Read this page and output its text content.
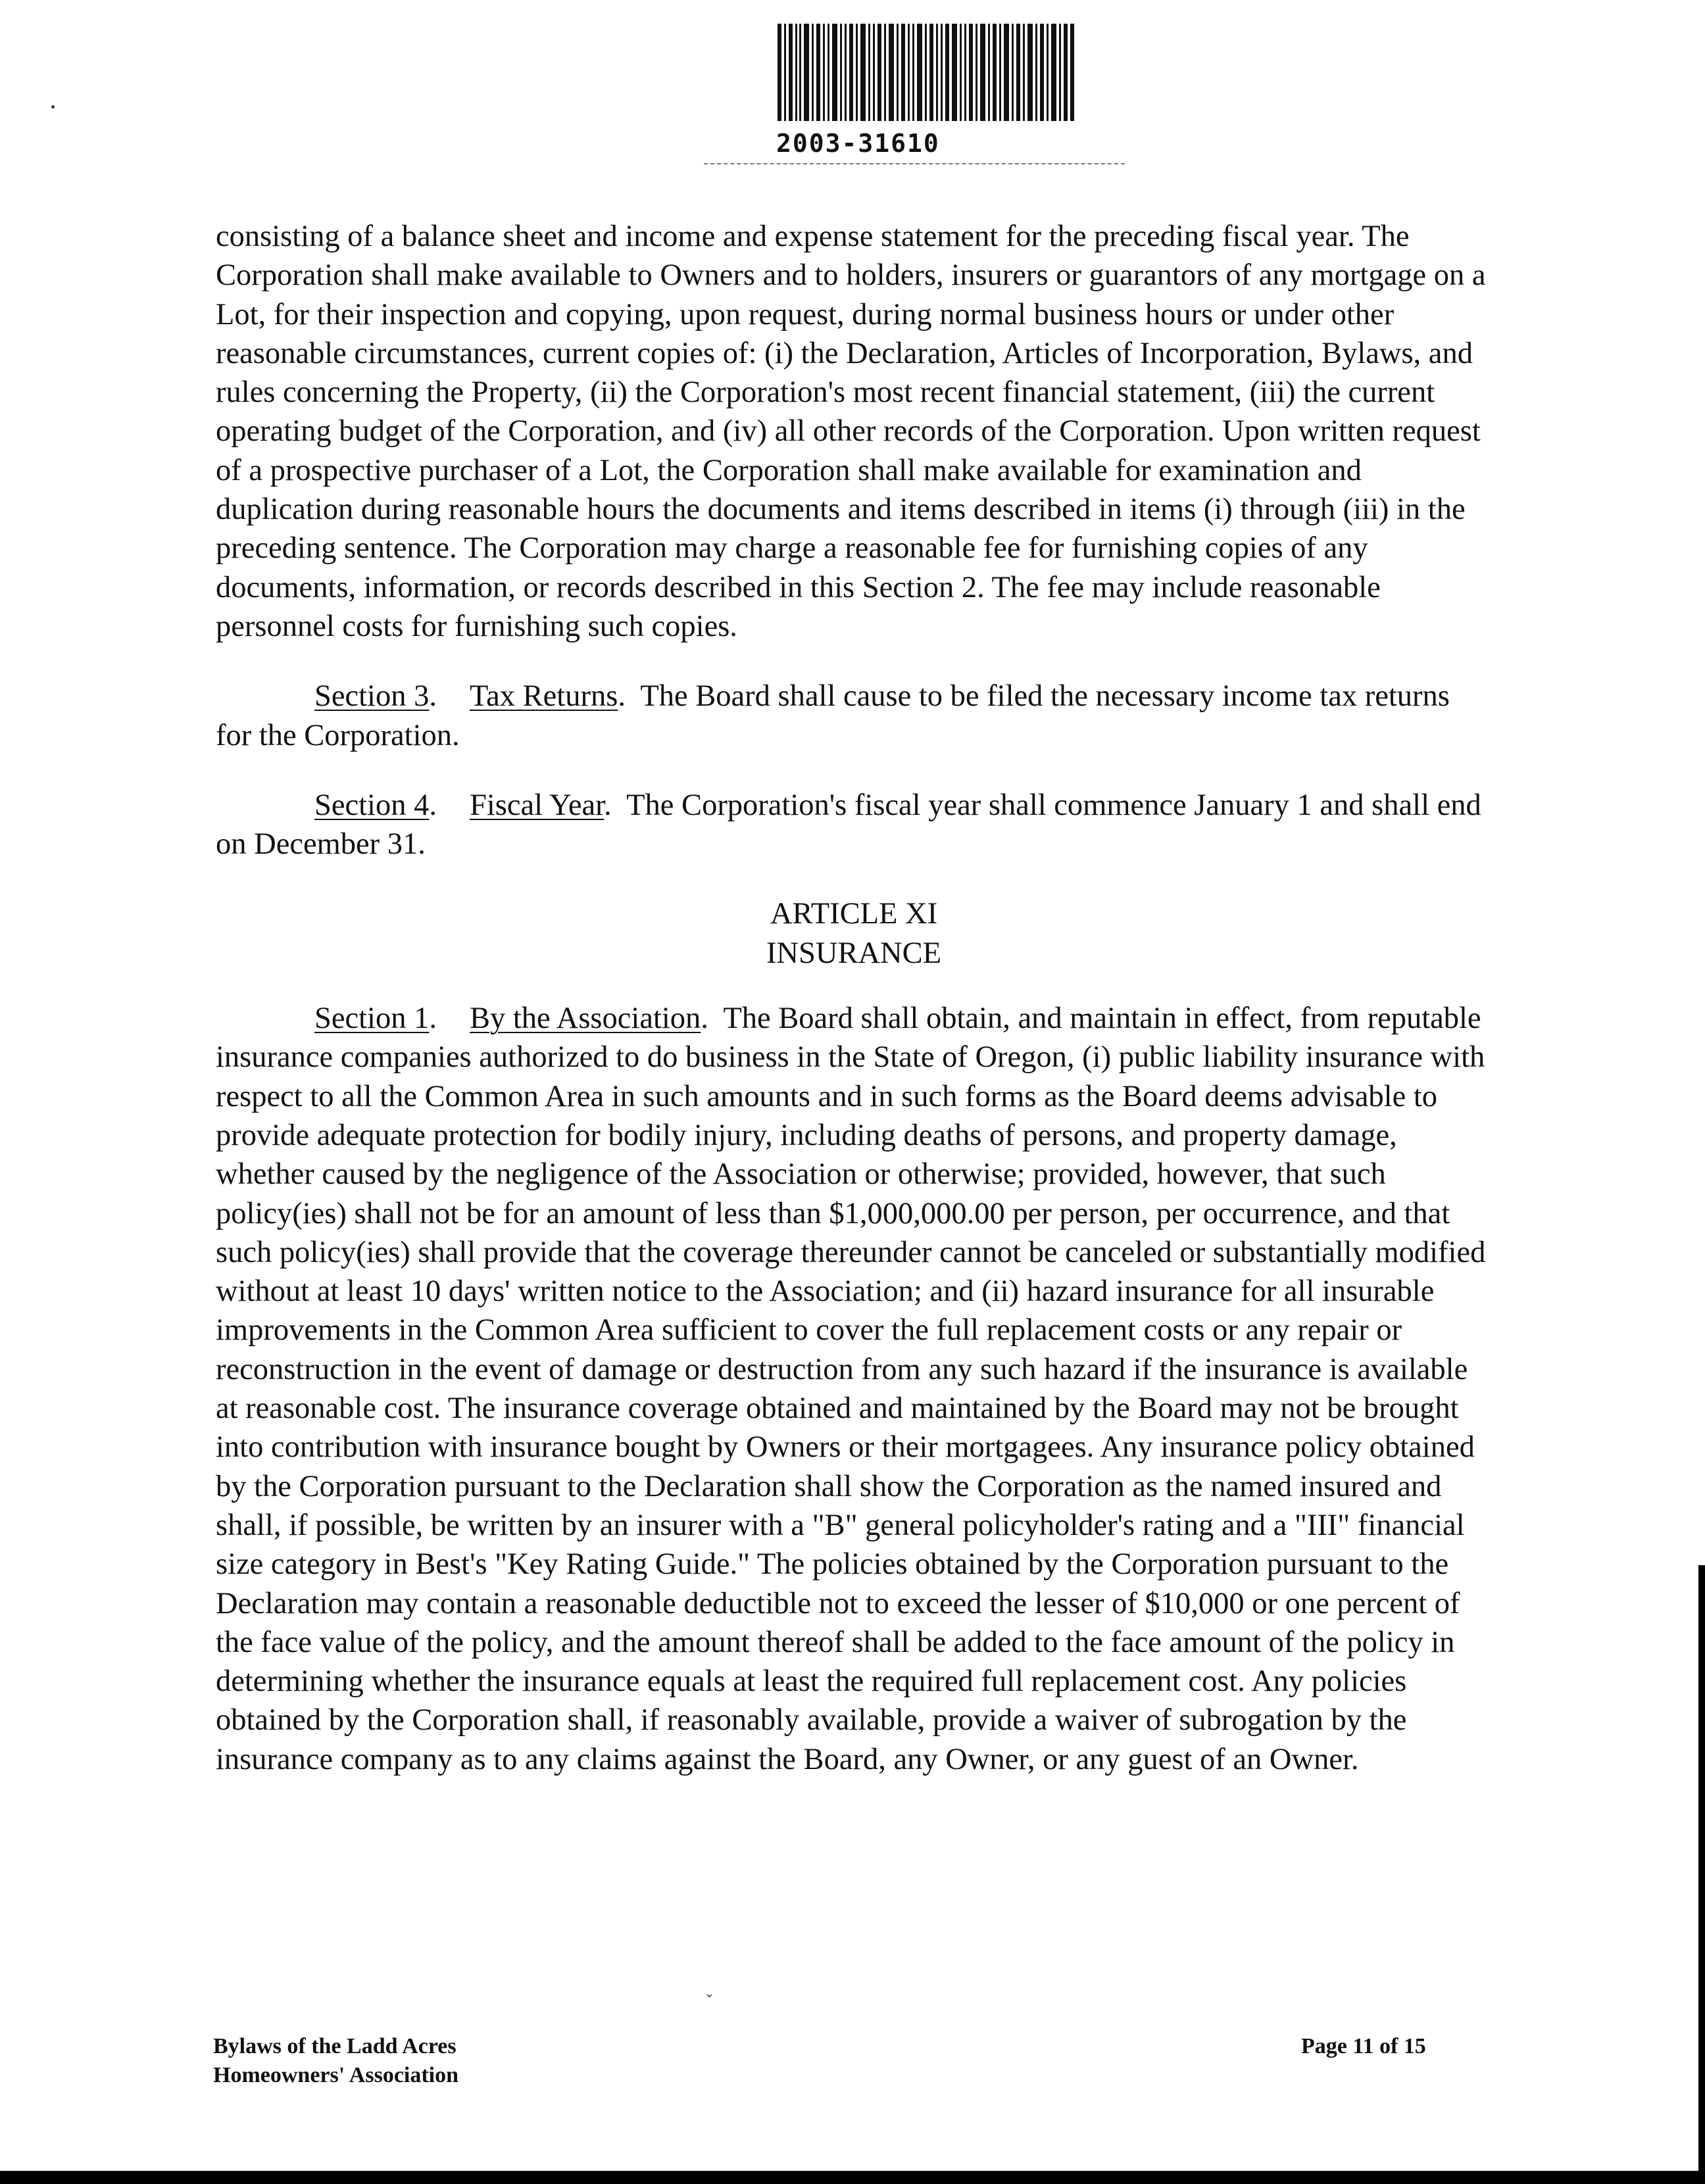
2003-31610

consisting of a balance sheet and income and expense statement for the preceding fiscal year. The Corporation shall make available to Owners and to holders, insurers or guarantors of any mortgage on a Lot, for their inspection and copying, upon request, during normal business hours or under other reasonable circumstances, current copies of: (i) the Declaration, Articles of Incorporation, Bylaws, and rules concerning the Property, (ii) the Corporation's most recent financial statement, (iii) the current operating budget of the Corporation, and (iv) all other records of the Corporation. Upon written request of a prospective purchaser of a Lot, the Corporation shall make available for examination and duplication during reasonable hours the documents and items described in items (i) through (iii) in the preceding sentence. The Corporation may charge a reasonable fee for furnishing copies of any documents, information, or records described in this Section 2. The fee may include reasonable personnel costs for furnishing such copies.

Section 3. Tax Returns.  The Board shall cause to be filed the necessary income tax returns for the Corporation.

Section 4. Fiscal Year.  The Corporation's fiscal year shall commence January 1 and shall end on December 31.

ARTICLE XI

INSURANCE

Section 1. By the Association.  The Board shall obtain, and maintain in effect, from reputable insurance companies authorized to do business in the State of Oregon, (i) public liability insurance with respect to all the Common Area in such amounts and in such forms as the Board deems advisable to provide adequate protection for bodily injury, including deaths of persons, and property damage, whether caused by the negligence of the Association or otherwise; provided, however, that such policy(ies) shall not be for an amount of less than $1,000,000.00 per person, per occurrence, and that such policy(ies) shall provide that the coverage thereunder cannot be canceled or substantially modified without at least 10 days' written notice to the Association; and (ii) hazard insurance for all insurable improvements in the Common Area sufficient to cover the full replacement costs or any repair or reconstruction in the event of damage or destruction from any such hazard if the insurance is available at reasonable cost. The insurance coverage obtained and maintained by the Board may not be brought into contribution with insurance bought by Owners or their mortgagees. Any insurance policy obtained by the Corporation pursuant to the Declaration shall show the Corporation as the named insured and shall, if possible, be written by an insurer with a "B" general policyholder's rating and a "III" financial size category in Best's "Key Rating Guide." The policies obtained by the Corporation pursuant to the Declaration may contain a reasonable deductible not to exceed the lesser of $10,000 or one percent of the face value of the policy, and the amount thereof shall be added to the face amount of the policy in determining whether the insurance equals at least the required full replacement cost. Any policies obtained by the Corporation shall, if reasonably available, provide a waiver of subrogation by the insurance company as to any claims against the Board, any Owner, or any guest of an Owner.

ˇ
Bylaws of the Ladd Acres
Homeowners' Association
Page 11 of 15
